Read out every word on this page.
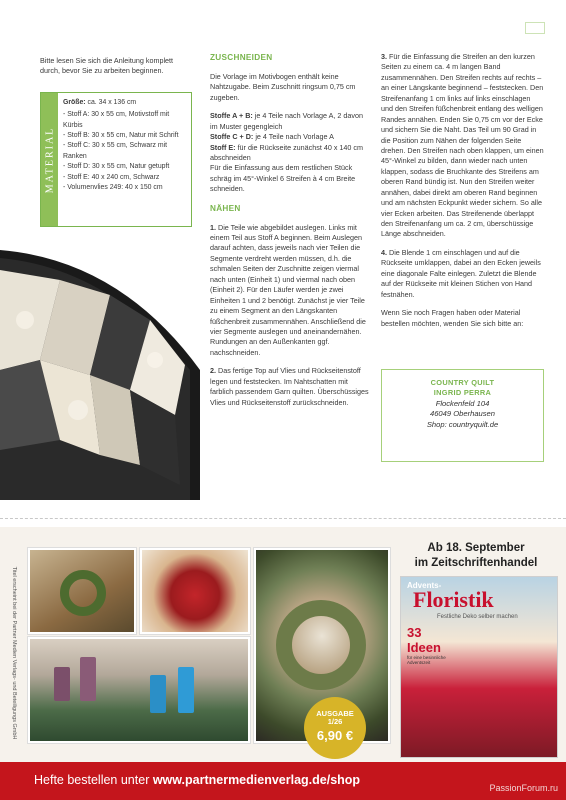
Bitte lesen Sie sich die Anleitung komplett durch, bevor Sie zu arbeiten beginnen.

MATERIAL
Größe: ca. 34 x 136 cm
- Stoff A: 30 x 55 cm, Motivstoff mit Kürbis
- Stoff B: 30 x 55 cm, Natur mit Schrift
- Stoff C: 30 x 55 cm, Schwarz mit Ranken
- Stoff D: 30 x 55 cm, Natur getupft
- Stoff E: 40 x 240 cm, Schwarz
- Volumenvlies 249: 40 x 150 cm
ZUSCHNEIDEN

Die Vorlage im Motivbogen enthält keine Nahtzugabe. Beim Zuschnitt ringsum 0,75 cm zugeben.

Stoffe A + B: je 4 Teile nach Vorlage A, 2 davon im Muster gegengleich
Stoffe C + D: je 4 Teile nach Vorlage A
Stoff E: für die Rückseite zunächst 40 x 140 cm abschneiden

Für die Einfassung aus dem restlichen Stück schräg im 45°-Winkel 6 Streifen à 4 cm Breite schneiden.

NÄHEN

1. Die Teile wie abgebildet auslegen. Links mit einem Teil aus Stoff A beginnen. Beim Auslegen darauf achten, dass jeweils nach vier Teilen die Segmente verdreht werden müssen, d.h. die schmalen Seiten der Zuschnitte zeigen viermal nach unten (Einheit 1) und viermal nach oben (Einheit 2). Für den Läufer werden je zwei Einheiten 1 und 2 benötigt. Zunächst je vier Teile zu einem Segment an den Längskanten füßchenbreit zusammennähen. Anschließend die vier Segmente auslegen und aneinandernähen. Rundungen an den Außenkanten ggf. nachschneiden.

2. Das fertige Top auf Vlies und Rückseitenstoff legen und feststecken. Im Nahtschatten mit farblich passendem Garn quilten. Überschüssiges Vlies und Rückseitenstoff zurückschneiden.

3. Für die Einfassung die Streifen an den kurzen Seiten zu einem ca. 4 m langen Band zusammennähen. Den Streifen rechts auf rechts – an einer Längskante beginnend – feststecken. Den Streifenanfang 1 cm links auf links einschlagen und den Streifen füßchenbreit entlang des welligen Randes annähen. Enden Sie 0,75 cm vor der Ecke und sichern Sie die Naht. Das Teil um 90 Grad in die Position zum Nähen der folgenden Seite drehen. Den Streifen nach oben klappen, um einen 45°-Winkel zu bilden, dann wieder nach unten klappen, sodass die Bruchkante des Streifens am oberen Rand bündig ist. Nun den Streifen weiter annähen, dabei direkt am oberen Rand beginnen und am nächsten Eckpunkt wieder sichern. So alle vier Ecken arbeiten. Das Streifenende überlappt den Streifenanfang um ca. 2 cm, überschüssige Länge abschneiden.

4. Die Blende 1 cm einschlagen und auf die Rückseite umklappen, dabei an den Ecken jeweils eine diagonale Falte einlegen. Zuletzt die Blende auf der Rückseite mit kleinen Stichen von Hand festnähen.

Wenn Sie noch Fragen haben oder Material bestellen möchten, wenden Sie sich bitte an:

COUNTRY QUILT
INGRID PERRA
Flockenfeld 104
46049 Oberhausen
Shop: countryquilt.de
Titel erscheint bei der Partner Medien Verlags- und Beteiligungs GmbH	AUSGABE
1/26
6,90 €
Ab 18. September
im Zeitschriftenhandel
Advents-
Floristik
Festliche Deko selber machen
33 Ideen
für eine besinnliche Adventszeit
Hefte bestellen unter www.partnermedienverlag.de/shop
PassionForum.ru
